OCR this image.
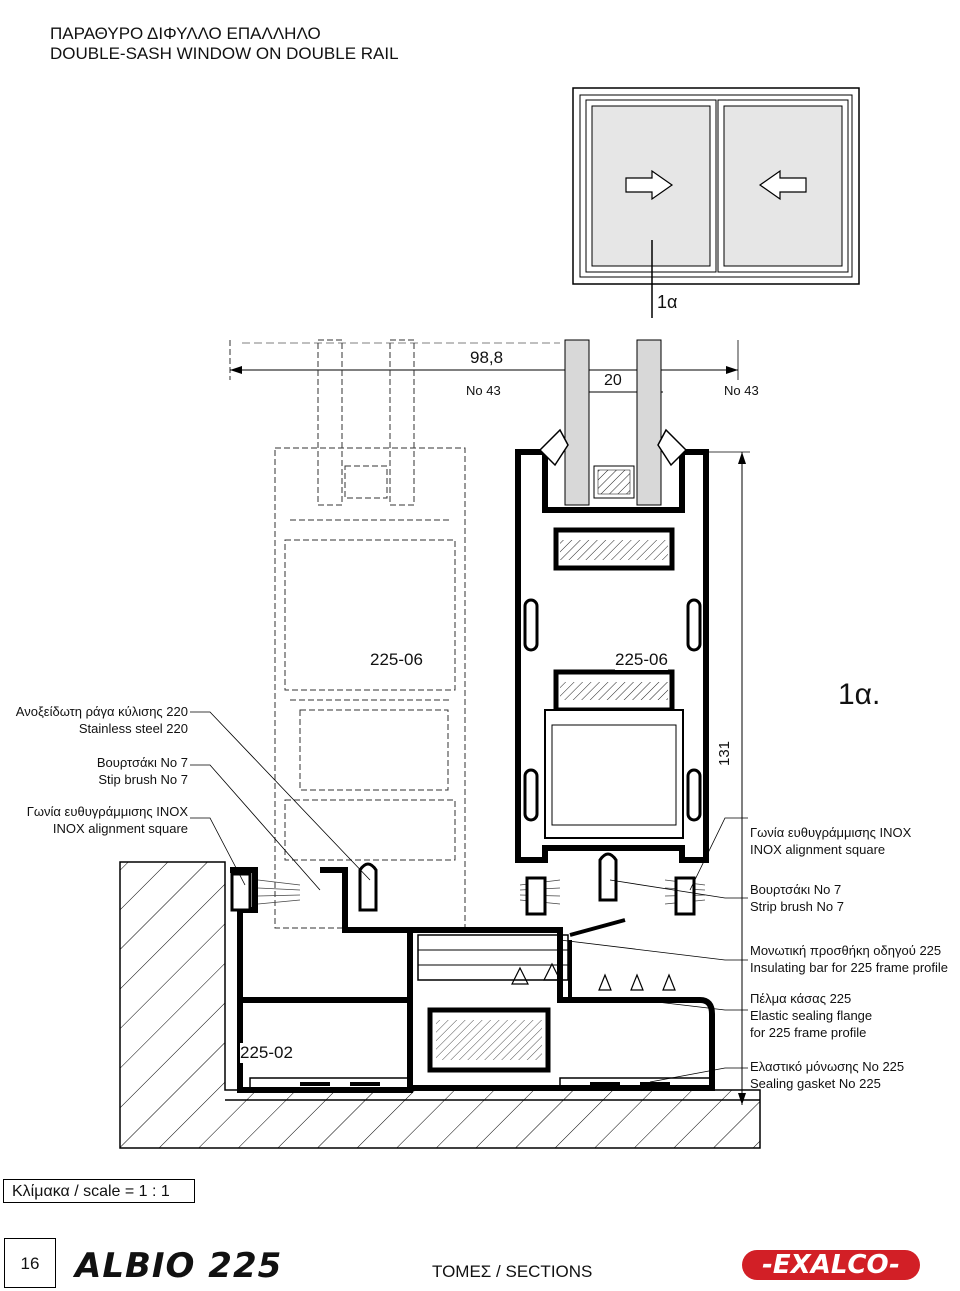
ΠΑΡΑΘΥΡΟ ΔΙΦΥΛΛΟ ΕΠΑΛΛΗΛΟ
DOUBLE-SASH WINDOW ON DOUBLE RAIL
1α
1α.
98,8
20
No 43	No 43
131
225-06	225-06
225-02
Ανοξείδωτη ράγα κύλισης 220
Stainless steel 220
Βουρτσάκι Νο 7
Stip brush No 7
Γωνία ευθυγράμμισης INOX
INOX alignment square	Γωνία ευθυγράμμισης INOX
INOX alignment square
Βουρτσάκι Νο 7
Strip brush No 7
Μονωτική προσθήκη οδηγού 225
Insulating bar for 225 frame profile
Πέλμα κάσας 225
Elastic sealing flange
for 225 frame profile
Ελαστικό μόνωσης Νο 225
Sealing gasket No 225
Κλίμακα / scale = 1 : 1
16	ALBIO 225	ΤΟΜΕΣ / SECTIONS	-EXALCO-
